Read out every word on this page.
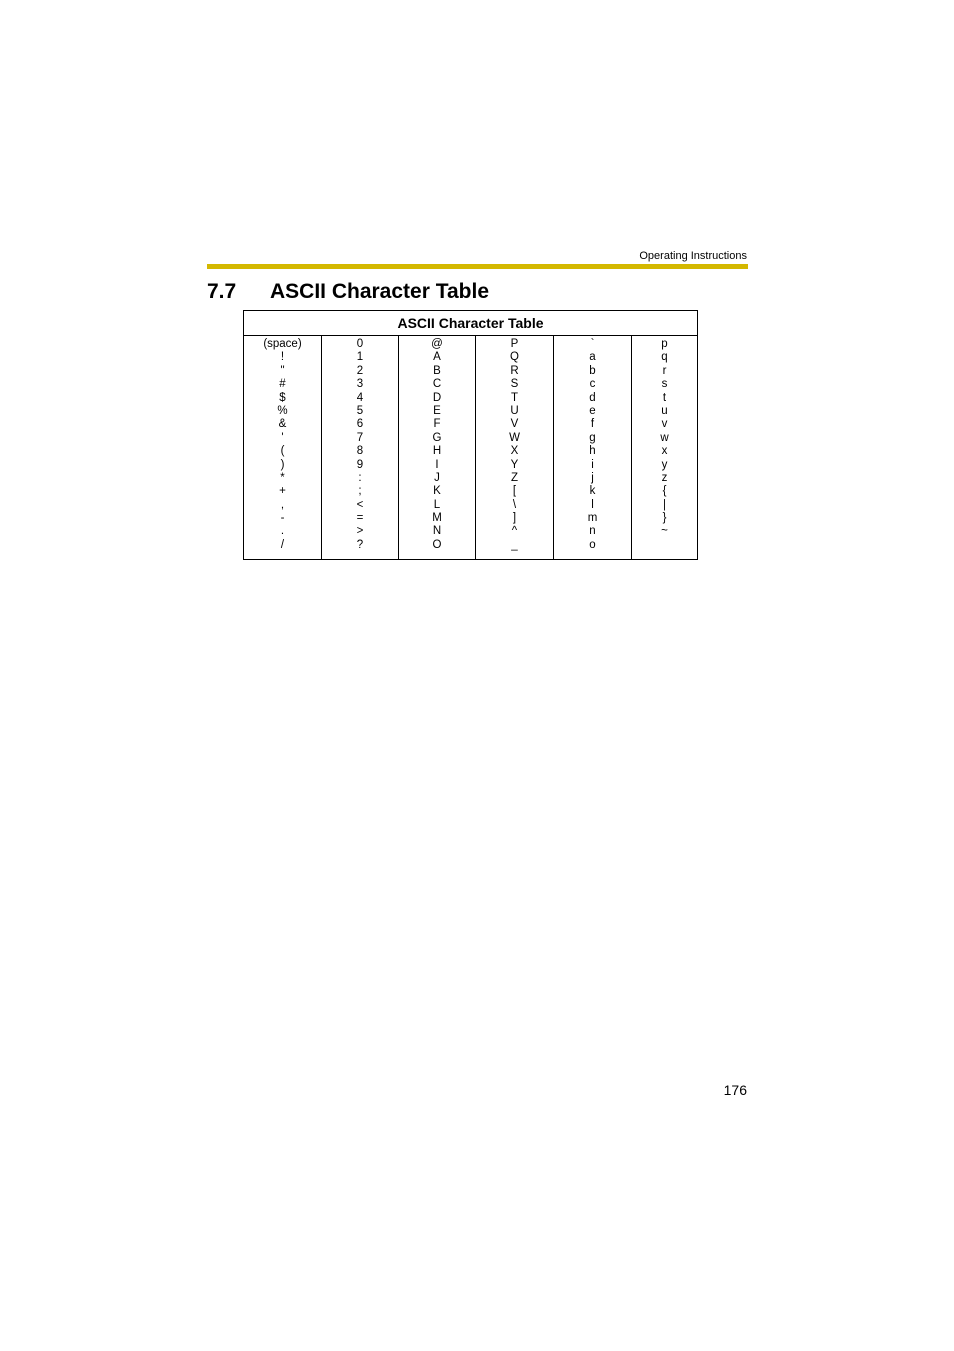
Operating Instructions
7.7 ASCII Character Table
ASCII Character Table
(space)
!
"
#
$
%
&
'
(
)
*
+
,
-
.
/
0
1
2
3
4
5
6
7
8
9
:
;
<
=
>
?
@
A
B
C
D
E
F
G
H
I
J
K
L
M
N
O
P
Q
R
S
T
U
V
W
X
Y
Z
[
\
]
^
_
`
a
b
c
d
e
f
g
h
i
j
k
l
m
n
o
p
q
r
s
t
u
v
w
x
y
z
{
|
}
~
176
